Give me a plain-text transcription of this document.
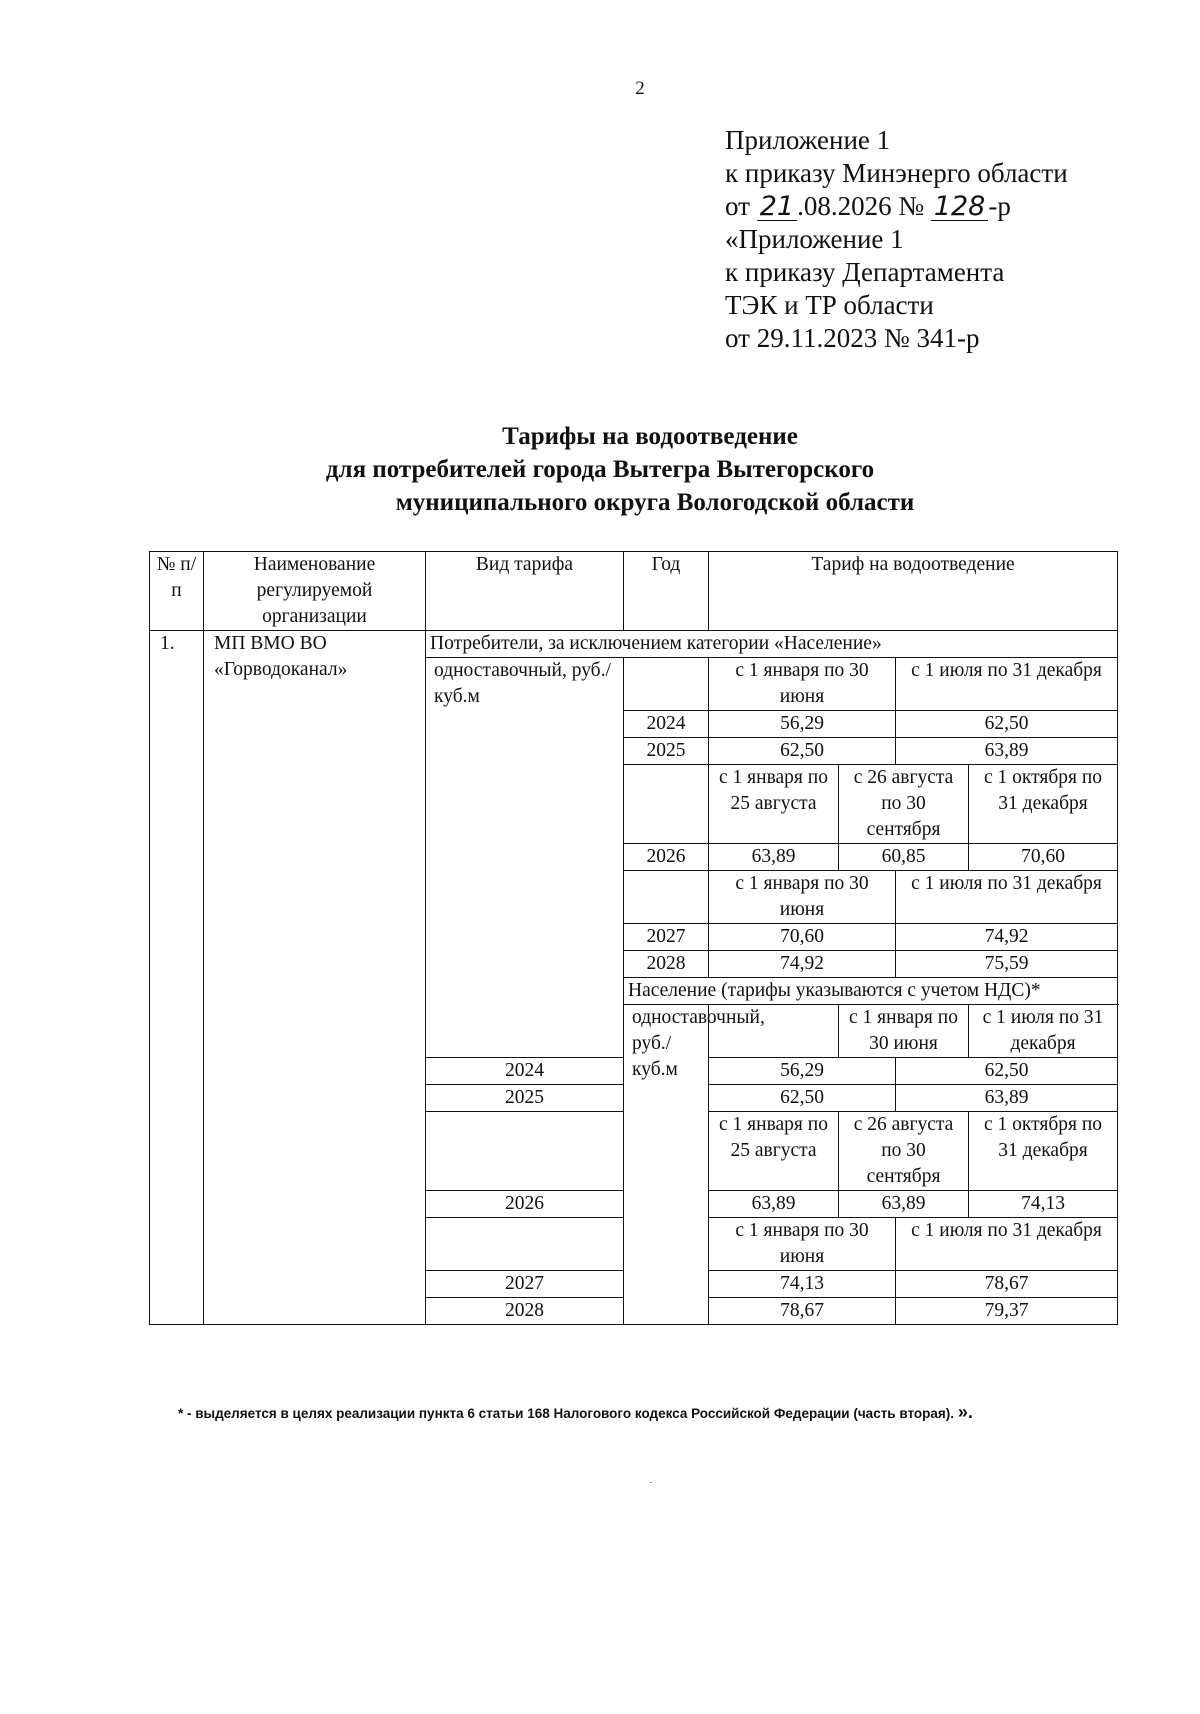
2
Приложение 1
к приказу Минэнерго области
от 21 .08.2026 № 128 -р
«Приложение 1
к приказу Департамента
ТЭК и ТР области
от 29.11.2023 № 341-р
Тарифы на водоотведение
для потребителей города Вытегра Вытегорского
муниципального округа Вологодской области
№ п/п	Наименование регулируемой организации	Вид тарифа	Год	Тариф на водоотведение			
1.	МП ВМО ВО «Горводоканал»	Потребители, за исключением категории «Население»					
		одноставочный, руб./куб.м		с 1 января по 30 июня		с 1 июля по 31 декабря	
			2024	56,29		62,50	
			2025	62,50		63,89	
				с 1 января по 25 августа	с 26 августа по 30 сентября		с 1 октября по 31 декабря
			2026	63,89	60,85		70,60
				с 1 января по 30 июня		с 1 июля по 31 декабря	
			2027	70,60		74,92	
			2028	74,92		75,59	
			Население (тарифы указываются с учетом НДС)*				
			одноставочный, руб./куб.м		с 1 января по 30 июня		с 1 июля по 31 декабря
		2024		56,29		62,50	
		2025		62,50		63,89	
				с 1 января по 25 августа	с 26 августа по 30 сентября		с 1 октября по 31 декабря
		2026		63,89	63,89		74,13
				с 1 января по 30 июня		с 1 июля по 31 декабря	
		2027		74,13		78,67	
		2028		78,67		79,37	
* - выделяется в целях реализации пункта 6 статьи 168 Налогового кодекса Российской Федерации (часть вторая). ».
